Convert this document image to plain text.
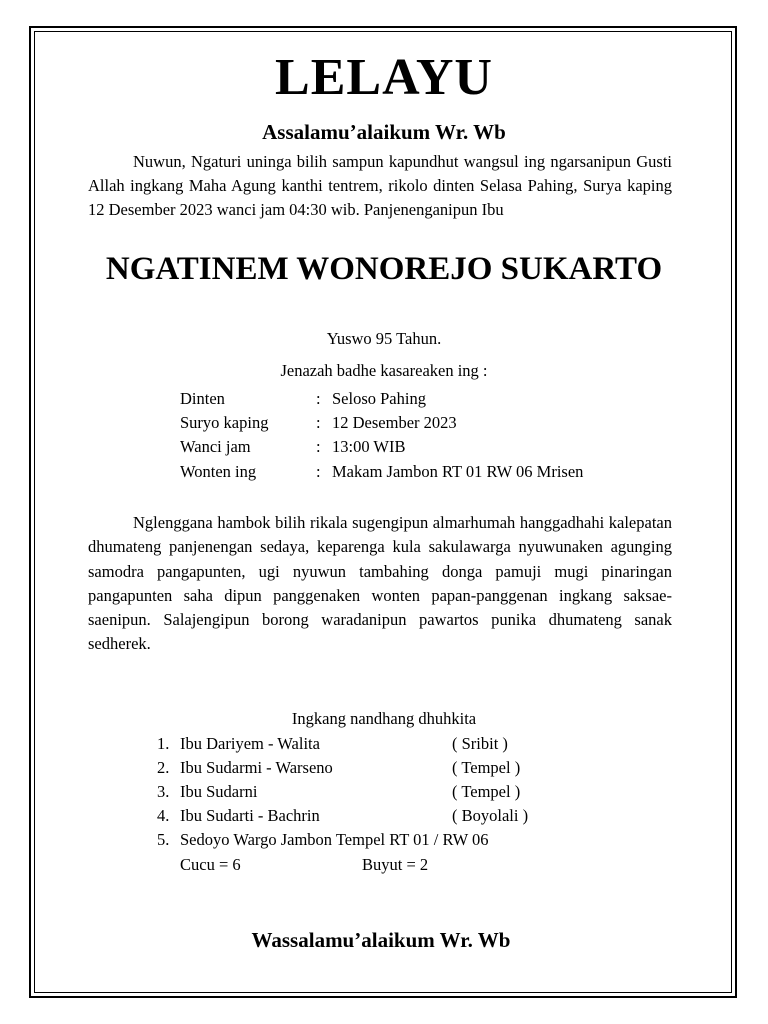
LELAYU
Assalamu’alaikum Wr. Wb
Nuwun, Ngaturi uninga bilih sampun kapundhut wangsul ing ngarsanipun Gusti Allah ingkang Maha Agung kanthi tentrem, rikolo dinten Selasa Pahing, Surya kaping 12 Desember 2023 wanci jam 04:30 wib. Panjenenganipun Ibu
NGATINEM WONOREJO SUKARTO
Yuswo 95 Tahun.
Jenazah badhe kasareaken ing :
Dinten	: Seloso Pahing
Suryo kaping	: 12 Desember 2023
Wanci jam	: 13:00 WIB
Wonten ing	: Makam Jambon RT 01 RW 06 Mrisen
Nglenggana hambok bilih rikala sugengipun almarhumah hanggadhahi kalepatan dhumateng panjenengan sedaya, keparenga kula sakulawarga nyuwunaken agunging samodra pangapunten, ugi nyuwun tambahing donga pamuji mugi pinaringan pangapunten saha dipun panggenaken wonten papan-panggenan ingkang saksae-saenipun. Salajengipun borong waradanipun pawartos punika dhumateng sanak sedherek.
Ingkang nandhang dhuhkita
1. Ibu Dariyem - Walita	( Sribit )
2. Ibu Sudarmi - Warseno	( Tempel )
3. Ibu Sudarni	( Tempel )
4. Ibu Sudarti - Bachrin	( Boyolali )
5. Sedoyo Wargo Jambon Tempel RT 01 / RW 06
Cucu = 6	Buyut = 2
Wassalamu’alaikum Wr. Wb
